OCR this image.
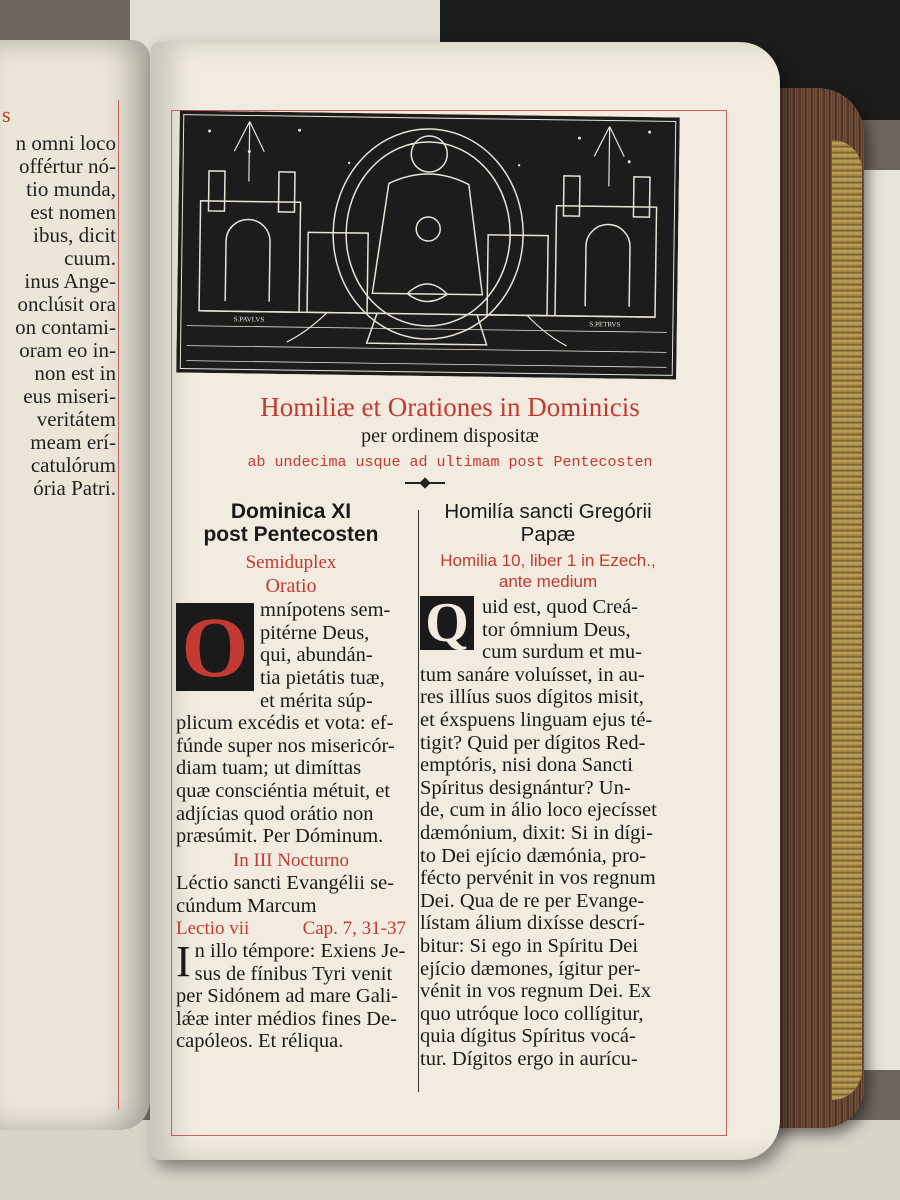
s
n omni loco
offértur nó-
tio munda,
est nomen
ibus, dicit
cuum.
inus Ange-
onclúsit ora
on contami-
oram eo in-
non est in
eus miseri-
veritátem
meam erí-
catulórum
ória Patri.
S.PAVLVS
S.PETRVS
Homiliæ et Orationes in Dominicis
per ordinem dispositæ
ab undecima usque ad ultimam post Pentecosten
Dominica XI
post Pentecosten
Semiduplex
Oratio
O mnípotens sem-
pitérne Deus,
qui, abundán-
tia pietátis tuæ,
et mérita súp-
plicum excédis et vota: ef-
fúnde super nos misericór-
diam tuam; ut dimíttas
quæ consciéntia métuit, et
adjícias quod orátio non
præsúmit. Per Dóminum.
In III Nocturno
Léctio sancti Evangélii se-
cúndum Marcum
Lectio vii	Cap. 7, 31-37
I n illo témpore: Exiens Je-
sus de fínibus Tyri venit
per Sidónem ad mare Gali-
lǽæ inter médios fines De-
capóleos. Et réliqua.
Homilía sancti Gregórii
Papæ
Homilia 10, liber 1 in Ezech.,
ante medium
Q uid est, quod Creá-
tor ómnium Deus,
cum surdum et mu-
tum sanáre voluísset, in au-
res illíus suos dígitos misit,
et éxspuens linguam ejus té-
tigit? Quid per dígitos Red-
emptóris, nisi dona Sancti
Spíritus designántur? Un-
de, cum in álio loco ejecísset
dæmónium, dixit: Si in dígi-
to Dei ejício dæmónia, pro-
fécto pervénit in vos regnum
Dei. Qua de re per Evange-
lístam álium dixísse descrí-
bitur: Si ego in Spíritu Dei
ejício dæmones, ígitur per-
vénit in vos regnum Dei. Ex
quo utróque loco collígitur,
quia dígitus Spíritus vocá-
tur. Dígitos ergo in aurícu-
